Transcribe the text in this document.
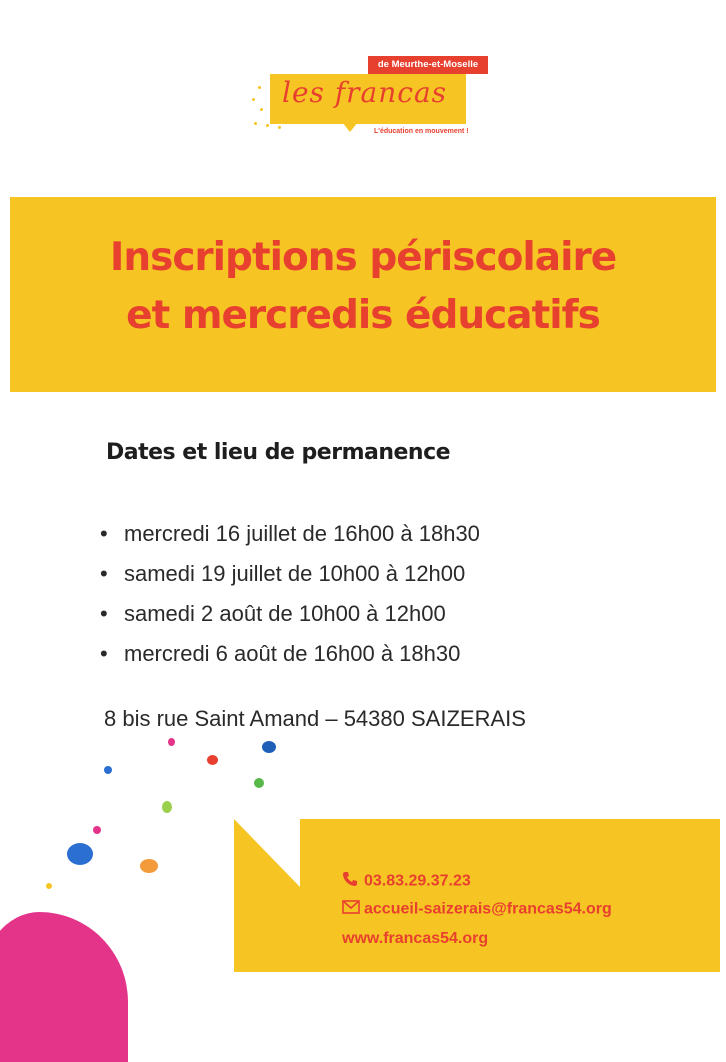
de Meurthe-et-Moselle
les francas
L'éducation en mouvement !
Inscriptions périscolaire
et mercredis éducatifs
Dates et lieu de permanence
• mercredi 16 juillet de 16h00 à 18h30
• samedi 19 juillet de 10h00 à 12h00
• samedi 2 août de 10h00 à 12h00
• mercredi 6 août de 16h00 à 18h30
8 bis rue Saint Amand – 54380 SAIZERAIS
03.83.29.37.23
accueil-saizerais@francas54.org
www.francas54.org
